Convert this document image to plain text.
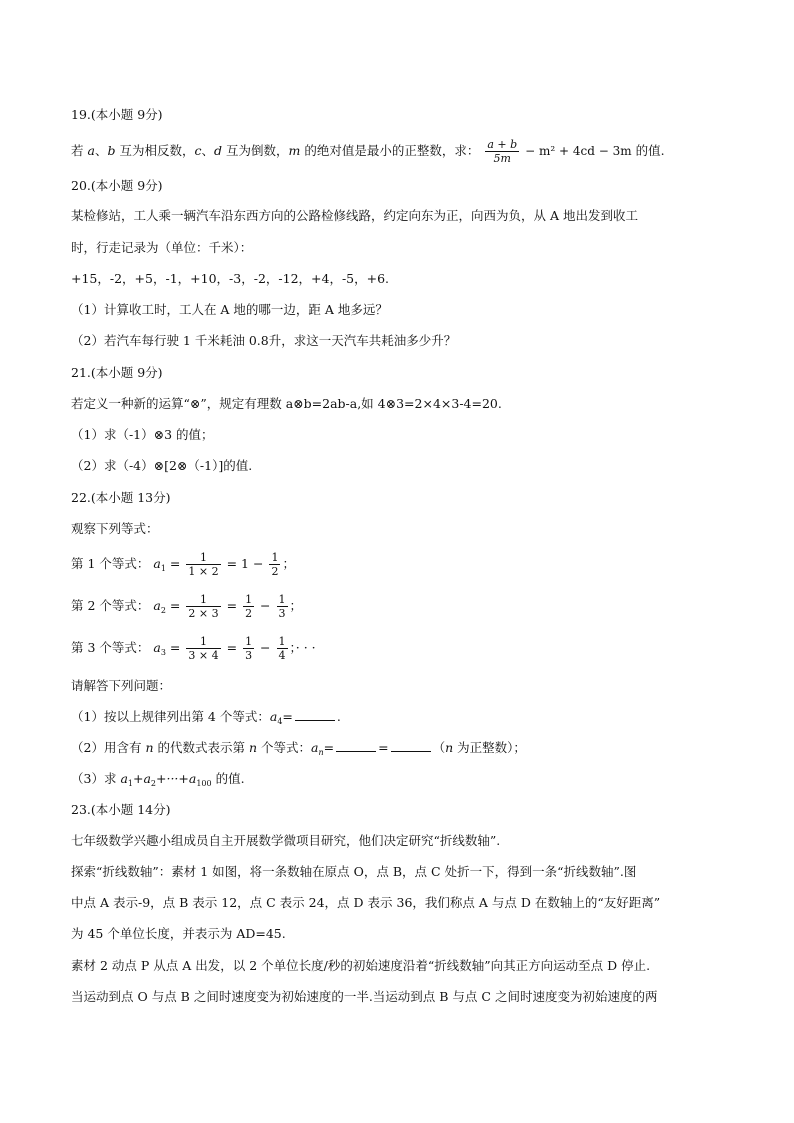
19.(本小题 9分)
若 a、b 互为相反数，c、d 互为倒数，m 的绝对值是最小的正整数，求： $\frac{a + b}{5m} - m^2 + 4cd - 3m$ 的值.
20.(本小题 9分)
某检修站，工人乘一辆汽车沿东西方向的公路检修线路，约定向东为正，向西为负，从 A 地出发到收工
时，行走记录为（单位：千米）：
+15，-2，+5，-1，+10，-3，-2，-12，+4，-5，+6.
（1）计算收工时，工人在 A 地的哪一边，距 A 地多远？
（2）若汽车每行驶 1 千米耗油 0.8升，求这一天汽车共耗油多少升？
21.(本小题 9分)
若定义一种新的运算“⊗”，规定有理数 a⊗b=2ab-a,如 4⊗3=2×4×3-4=20.
（1）求（-1）⊗3 的值；
（2）求（-4）⊗[2⊗（-1）]的值.
22.(本小题 13分)
观察下列等式：
第 1 个等式： $a_1 = \frac{1}{1 \times 2} = 1 - \frac{1}{2}$ ；
第 2 个等式： $a_2 = \frac{1}{2 \times 3} = \frac{1}{2} - \frac{1}{3}$ ；
第 3 个等式： $a_3 = \frac{1}{3 \times 4} = \frac{1}{3} - \frac{1}{4}$ ；· · ·
请解答下列问题：
（1）按以上规律列出第 4 个等式：$a_4=$	.
（2）用含有 n 的代数式表示第 n 个等式：$a_n=$	=	（n 为正整数）；
（3）求 $a_1+a_2+\cdot\cdot\cdot+a_{100}$ 的值.
23.(本小题 14分)
七年级数学兴趣小组成员自主开展数学微项目研究，他们决定研究“折线数轴”.
探索“折线数轴”：素材 1 如图，将一条数轴在原点 O，点 B，点 C 处折一下，得到一条“折线数轴”.图
中点 A 表示-9，点 B 表示 12，点 C 表示 24，点 D 表示 36，我们称点 A 与点 D 在数轴上的“友好距离”
为 45 个单位长度，并表示为 AD=45.
素材 2 动点 P 从点 A 出发，以 2 个单位长度/秒的初始速度沿着“折线数轴”向其正方向运动至点 D 停止.
当运动到点 O 与点 B 之间时速度变为初始速度的一半.当运动到点 B 与点 C 之间时速度变为初始速度的两
